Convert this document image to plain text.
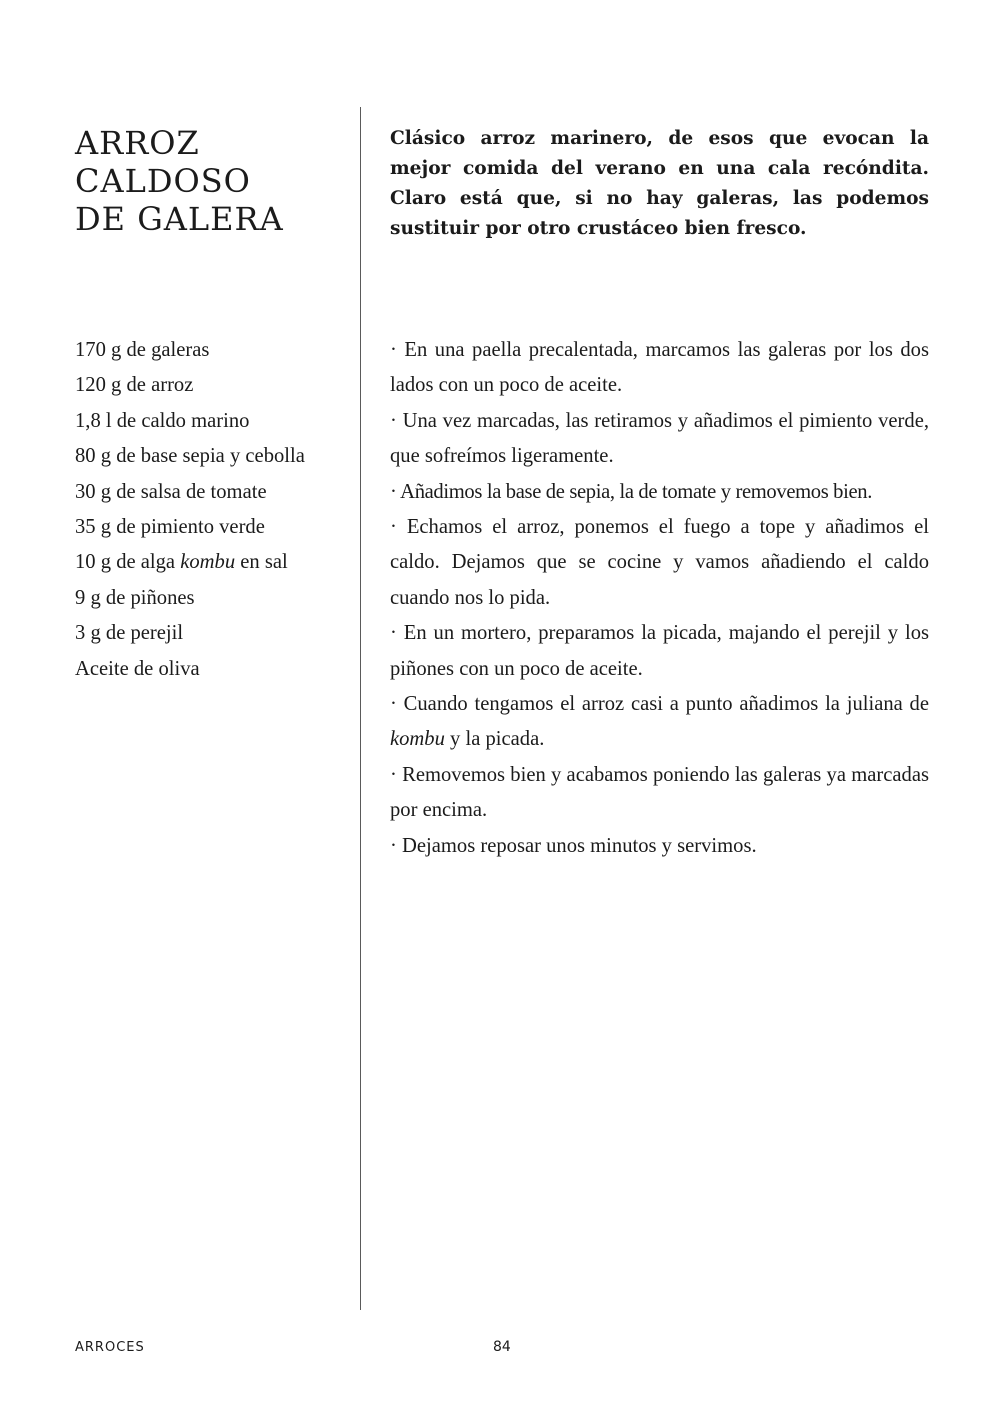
ARROZ
CALDOSO
DE GALERA

Clásico arroz marinero, de esos que evocan la mejor comida del verano en una cala recóndita. Claro está que, si no hay galeras, las podemos sustituir por otro crustáceo bien fresco.

170 g de galeras
120 g de arroz
1,8 l de caldo marino
80 g de base sepia y cebolla
30 g de salsa de tomate
35 g de pimiento verde
10 g de alga kombu en sal
9 g de piñones
3 g de perejil
Aceite de oliva
· En una paella precalentada, marcamos las galeras por los dos lados con un poco de aceite.
· Una vez marcadas, las retiramos y añadimos el pimiento verde, que sofreímos ligeramente.
· Añadimos la base de sepia, la de tomate y removemos bien.
· Echamos el arroz, ponemos el fuego a tope y añadimos el caldo. Dejamos que se cocine y vamos añadiendo el caldo cuando nos lo pida.
· En un mortero, preparamos la picada, majando el perejil y los piñones con un poco de aceite.
· Cuando tengamos el arroz casi a punto añadimos la juliana de kombu y la picada.
· Removemos bien y acabamos poniendo las galeras ya marcadas por encima.
· Dejamos reposar unos minutos y servimos.
ARROCES	84
